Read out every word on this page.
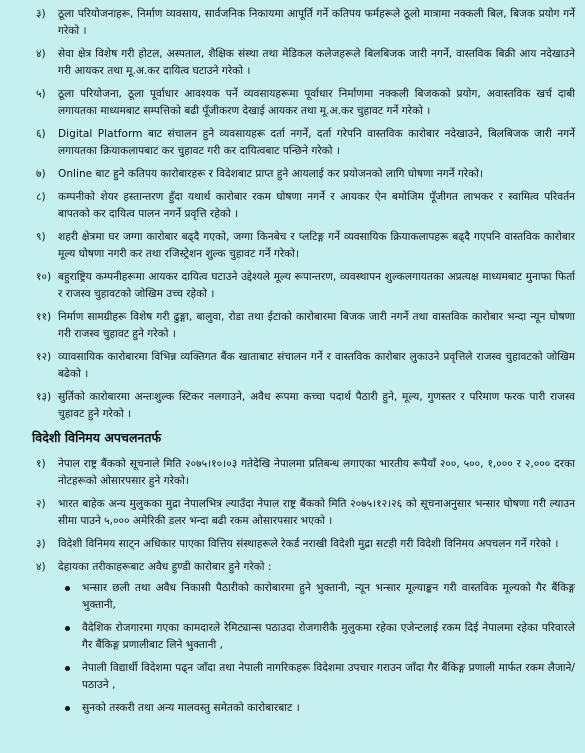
३) ठूला परियोजनाहरू, निर्माण व्यवसाय, सार्वजनिक निकायमा आपूर्ति गर्ने कतिपय फर्महरूले ठूलो मात्रामा नक्कली बिल, बिजक प्रयोग गर्ने गरेको ।

४) सेवा क्षेत्र विशेष गरी होटल, अस्पताल, शैक्षिक संस्था तथा मेडिकल कलेजहरूले बिलबिजक जारी नगर्ने, वास्तविक बिक्री आय नदेखाउने गरी आयकर तथा मू.अ.कर दायित्व घटाउने गरेको ।

५) ठूला परियोजना, ठूला पूर्वाधार आवश्यक पर्ने व्यवसायहरूमा पूर्वाधार निर्माणमा नक्कली बिजकको प्रयोग, अवास्तविक खर्च दाबी लगायतका माध्यमबाट सम्पत्तिको बढी पूँजीकरण देखाई आयकर तथा मू.अ.कर चुहावट गर्ने गरेको ।

६) Digital Platform बाट संचालन हुने व्यवसायहरू दर्ता नगर्ने, दर्ता गरेपनि वास्तविक कारोबार नदेखाउने, बिलबिजक जारी नगर्ने लगायतका क्रियाकलापबाट कर चुहावट गरी कर दायित्वबाट पन्छिने गरेको ।

७) Online बाट हुने कतिपय कारोबारहरू र विदेशबाट प्राप्त हुने आयलाई कर प्रयोजनको लागि घोषणा नगर्ने गरेको।

८) कम्पनीको शेयर हस्तान्तरण हुँदा यथार्थ कारोबार रकम घोषणा नगर्ने र आयकर ऐन बमोजिम पूँजीगत लाभकर र स्वामित्व परिवर्तन बापतको कर दायित्व पालन नगर्ने प्रवृत्ति रहेको ।

९) शहरी क्षेत्रमा घर जग्गा कारोबार बढ्दै गएको, जग्गा किनबेच र प्लटिङ्ग गर्ने व्यवसायिक क्रियाकलापहरू बढ्दै गएपनि वास्तविक कारोबार मूल्य घोषणा नगरी कर तथा रजिस्ट्रेशन शुल्क चुहावट गर्ने गरेको।

१०) बहुराष्ट्रिय कम्पनीहरूमा आयकर दायित्व घटाउने उद्देश्यले मूल्य रूपान्तरण, व्यवस्थापन शुल्कलगायतका अप्रत्यक्ष माध्यमबाट मुनाफा फिर्ता र राजस्व चुहावटको जोखिम उच्च रहेको ।

११) निर्माण सामग्रीहरू विशेष गरी ढुङ्गा, बालुवा, रोडा तथा ईटाको कारोबारमा बिजक जारी नगर्ने तथा वास्तविक कारोबार भन्दा न्यून घोषणा गरी राजस्व चुहावट हुने गरेको ।

१२) व्यावसायिक कारोबारमा विभिन्न व्यक्तिगत बैंक खाताबाट संचालन गर्ने र वास्तविक कारोबार लुकाउने प्रवृत्तिले राजस्व चुहावटको जोखिम बढेको ।

१३) सुर्तिको कारोबारमा अन्तःशुल्क स्टिकर नलगाउने, अवैध रूपमा कच्चा पदार्थ पैठारी हुने, मूल्य, गुणस्तर र परिमाण फरक पारी राजस्व चुहावट हुने गरेको ।

विदेशी विनिमय अपचलनतर्फ
१) नेपाल राष्ट्र बैंकको सूचनाले मिति २०७५।१०।०३ गतेदेखि नेपालमा प्रतिबन्ध लगाएका भारतीय रूपैयाँ २००, ५००, १,००० र २,००० दरका नोटहरूको ओसारपसार हुने गरेको।

२) भारत बाहेक अन्य मुलुकका मुद्रा नेपालभित्र ल्याउँदा नेपाल राष्ट्र बैंकको मिति २०७५।१२।२६ को सूचनाअनुसार भन्सार घोषणा गरी ल्याउन सीमा पाउने ५,००० अमेरिकी डलर भन्दा बढी रकम ओसारपसार भएको ।

३) विदेशी विनिमय साट्न अधिकार पाएका वित्तिय संस्थाहरूले रेकर्ड नराखी विदेशी मुद्रा सटही गरी विदेशी विनिमय अपचलन गर्ने गरेको ।

४) देहायका तरीकाहरूबाट अवैध हुण्डी कारोबार हुने गरेको :

भन्सार छली तथा अवैध निकासी पैठारीको कारोबारमा हुने भुक्तानी, न्यून भन्सार मूल्याङ्कन गरी वास्तविक मूल्यको गैर बैंकिङ्ग भुक्तानी,
वैदेशिक रोजगारमा गएका कामदारले रेमिट्यान्स पठाउदा रोजगारीकै मुलुकमा रहेका एजेन्टलाई रकम दिई नेपालमा रहेका परिवारले गैर बैंकिङ्ग प्रणालीबाट लिने भुक्तानी ,
नेपाली विद्यार्थी विदेशमा पढ्न जाँदा तथा नेपाली नागरिकहरू विदेशमा उपचार गराउन जाँदा गैर बैंकिङ्ग प्रणाली मार्फत रकम लैजाने/पठाउने ,
सुनको तस्करी तथा अन्य मालवस्तु समेतको कारोबारबाट ।
